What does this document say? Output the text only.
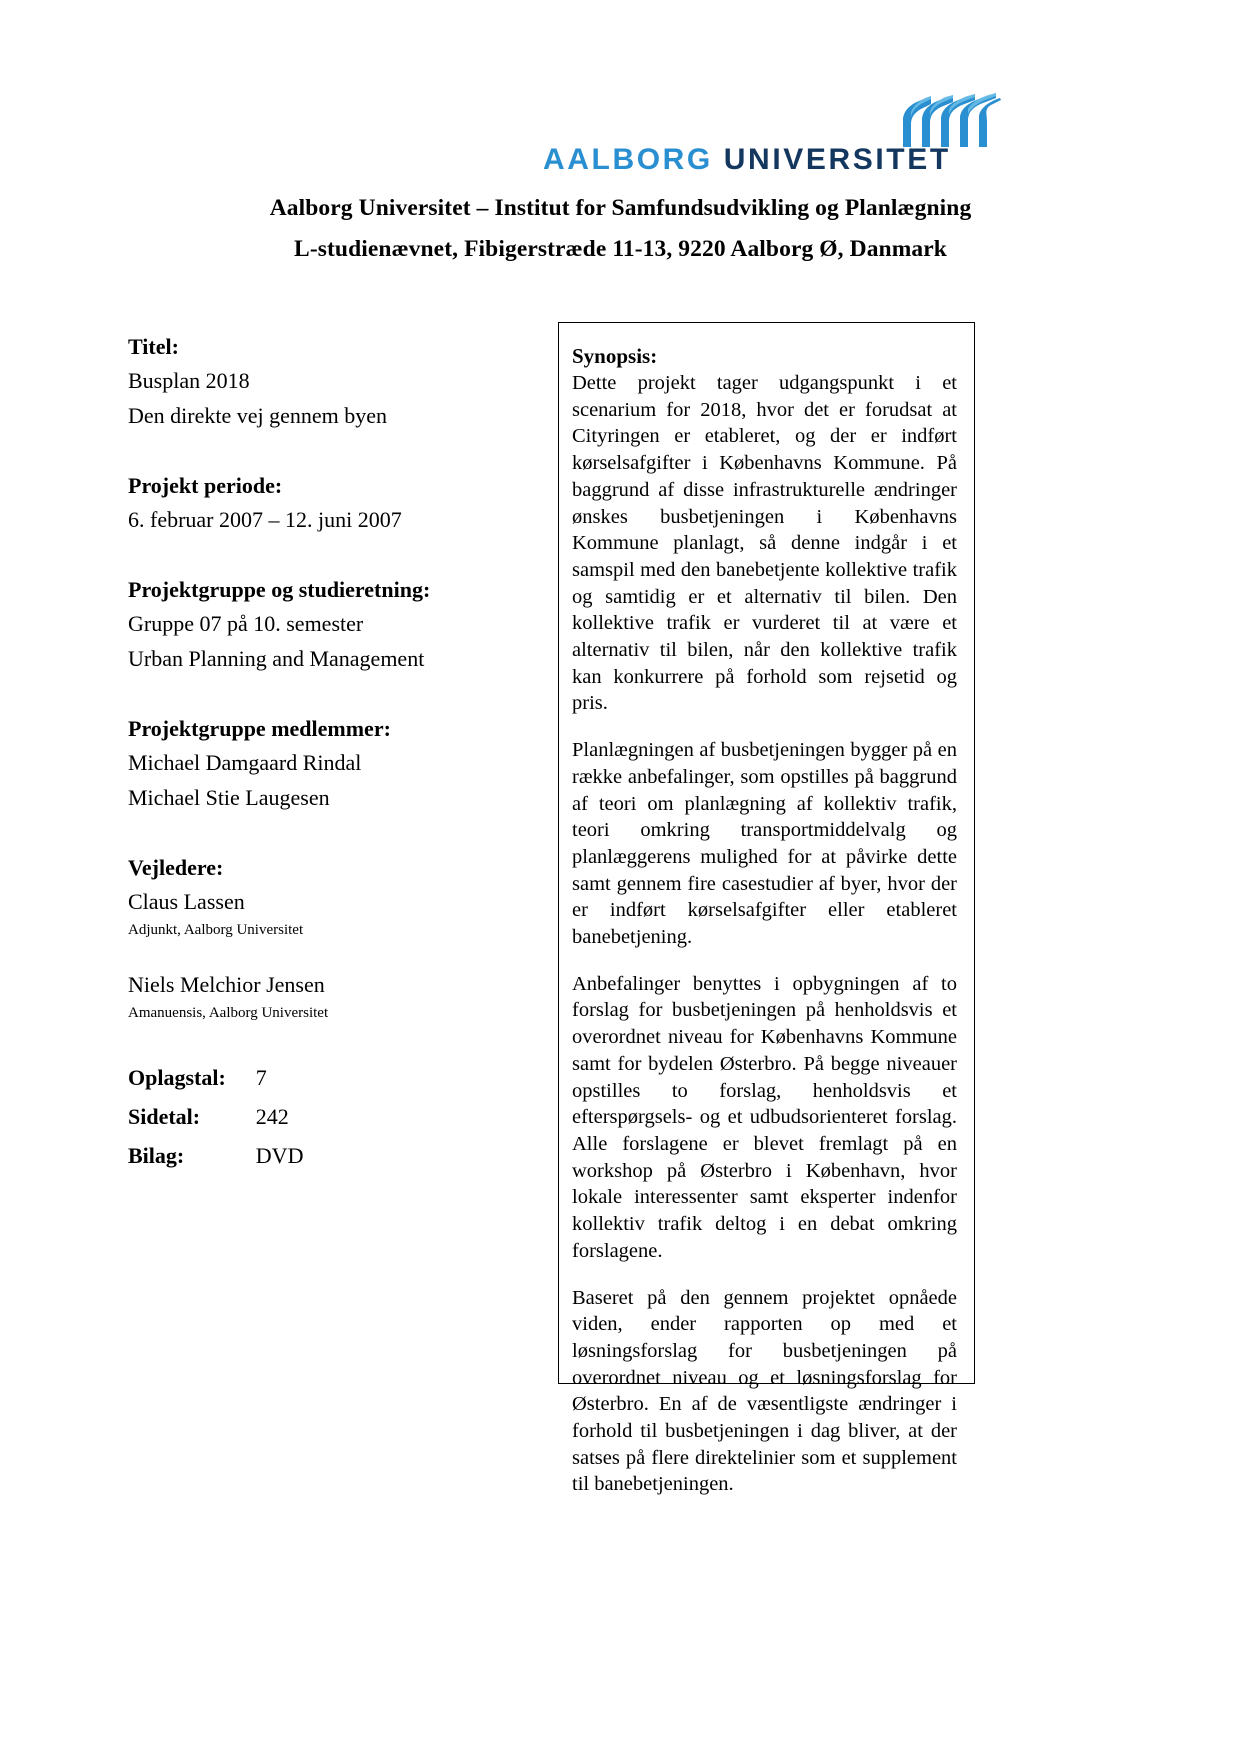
AALBORG UNIVERSITET
Aalborg Universitet – Institut for Samfundsudvikling og Planlægning
L-studienævnet, Fibigerstræde 11-13, 9220 Aalborg Ø, Danmark

Titel:

Busplan 2018

Den direkte vej gennem byen

Projekt periode:

6. februar 2007 – 12. juni 2007

Projektgruppe og studieretning:

Gruppe 07 på 10. semester

Urban Planning and Management

Projektgruppe medlemmer:

Michael Damgaard Rindal

Michael Stie Laugesen

Vejledere:

Claus Lassen

Adjunkt, Aalborg Universitet

Niels Melchior Jensen

Amanuensis, Aalborg Universitet

Oplagstal:	7
Sidetal:	242
Bilag:	DVD
Synopsis:

Dette projekt tager udgangspunkt i et scenarium for 2018, hvor det er forudsat at Cityringen er etableret, og der er indført kørselsafgifter i Københavns Kommune. På baggrund af disse infrastrukturelle ændringer ønskes busbetjeningen i Københavns Kommune planlagt, så denne indgår i et samspil med den banebetjente kollektive trafik og samtidig er et alternativ til bilen. Den kollektive trafik er vurderet til at være et alternativ til bilen, når den kollektive trafik kan konkurrere på forhold som rejsetid og pris.

Planlægningen af busbetjeningen bygger på en række anbefalinger, som opstilles på baggrund af teori om planlægning af kollektiv trafik, teori omkring transportmiddelvalg og planlæggerens mulighed for at påvirke dette samt gennem fire casestudier af byer, hvor der er indført kørselsafgifter eller etableret banebetjening.

Anbefalinger benyttes i opbygningen af to forslag for busbetjeningen på henholdsvis et overordnet niveau for Københavns Kommune samt for bydelen Østerbro. På begge niveauer opstilles to forslag, henholdsvis et efterspørgsels- og et udbudsorienteret forslag. Alle forslagene er blevet fremlagt på en workshop på Østerbro i København, hvor lokale interessenter samt eksperter indenfor kollektiv trafik deltog i en debat omkring forslagene.

Baseret på den gennem projektet opnåede viden, ender rapporten op med et løsningsforslag for busbetjeningen på overordnet niveau og et løsningsforslag for Østerbro. En af de væsentligste ændringer i forhold til busbetjeningen i dag bliver, at der satses på flere direktelinier som et supplement til banebetjeningen.
